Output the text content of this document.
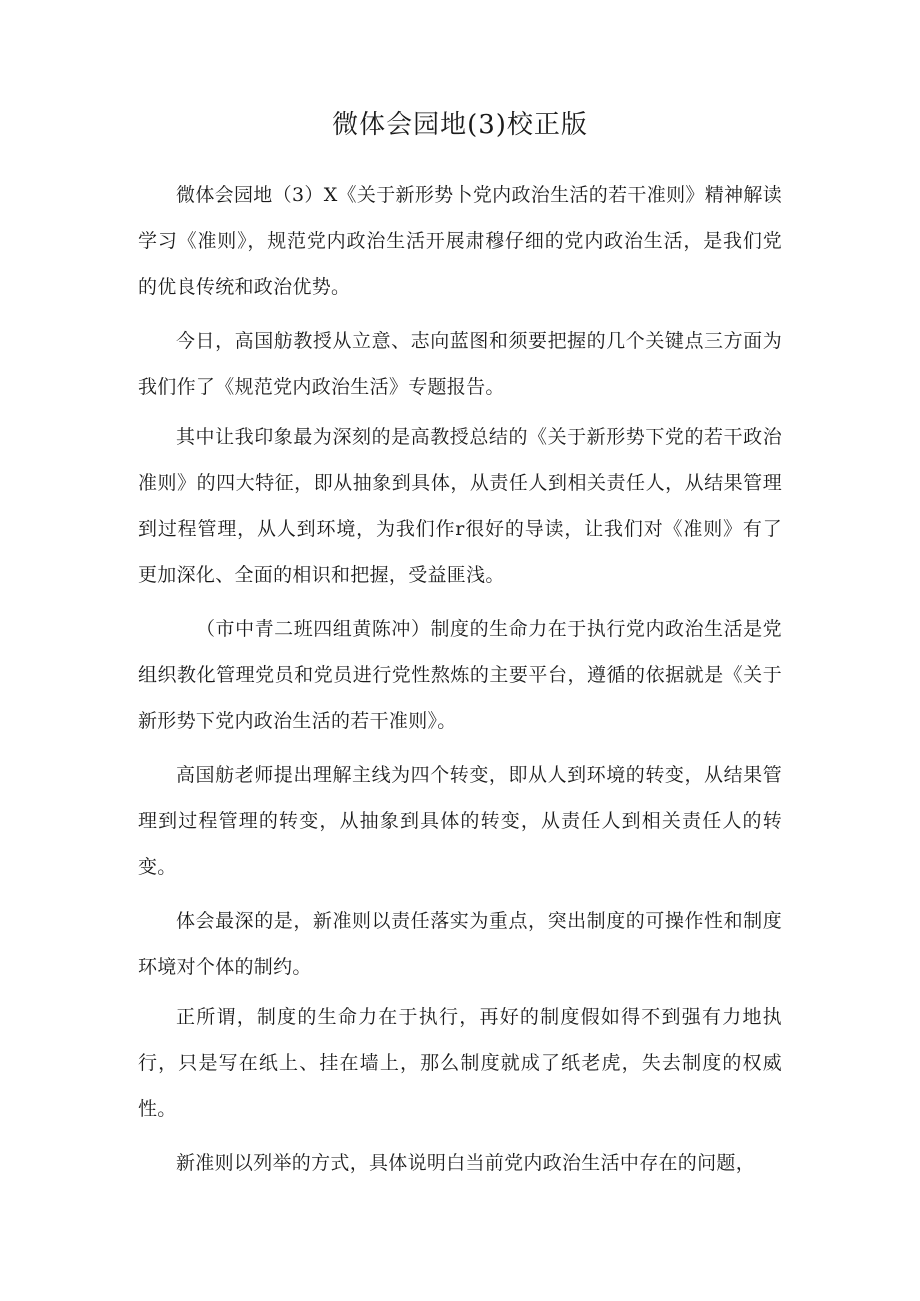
微体会园地(3)校正版

微体会园地（3）X《关于新形势卜党内政治生活的若干准则》精神解读学习《准则》，规范党内政治生活开展肃穆仔细的党内政治生活，是我们党的优良传统和政治优势。

今日，高国舫教授从立意、志向蓝图和须要把握的几个关键点三方面为我们作了《规范党内政治生活》专题报告。

其中让我印象最为深刻的是高教授总结的《关于新形势下党的若干政治准则》的四大特征，即从抽象到具体，从责任人到相关责任人，从结果管理到过程管理，从人到环境，为我们作r很好的导读，让我们对《准则》有了更加深化、全面的相识和把握，受益匪浅。

（市中青二班四组黄陈冲）制度的生命力在于执行党内政治生活是党组织教化管理党员和党员进行党性熬炼的主要平台，遵循的依据就是《关于新形势下党内政治生活的若干准则》。

高国舫老师提出理解主线为四个转变，即从人到环境的转变，从结果管理到过程管理的转变，从抽象到具体的转变，从责任人到相关责任人的转变。

体会最深的是，新准则以责任落实为重点，突出制度的可操作性和制度环境对个体的制约。

正所谓，制度的生命力在于执行，再好的制度假如得不到强有力地执行，只是写在纸上、挂在墙上，那么制度就成了纸老虎，失去制度的权威性。

新准则以列举的方式，具体说明白当前党内政治生活中存在的问题，
